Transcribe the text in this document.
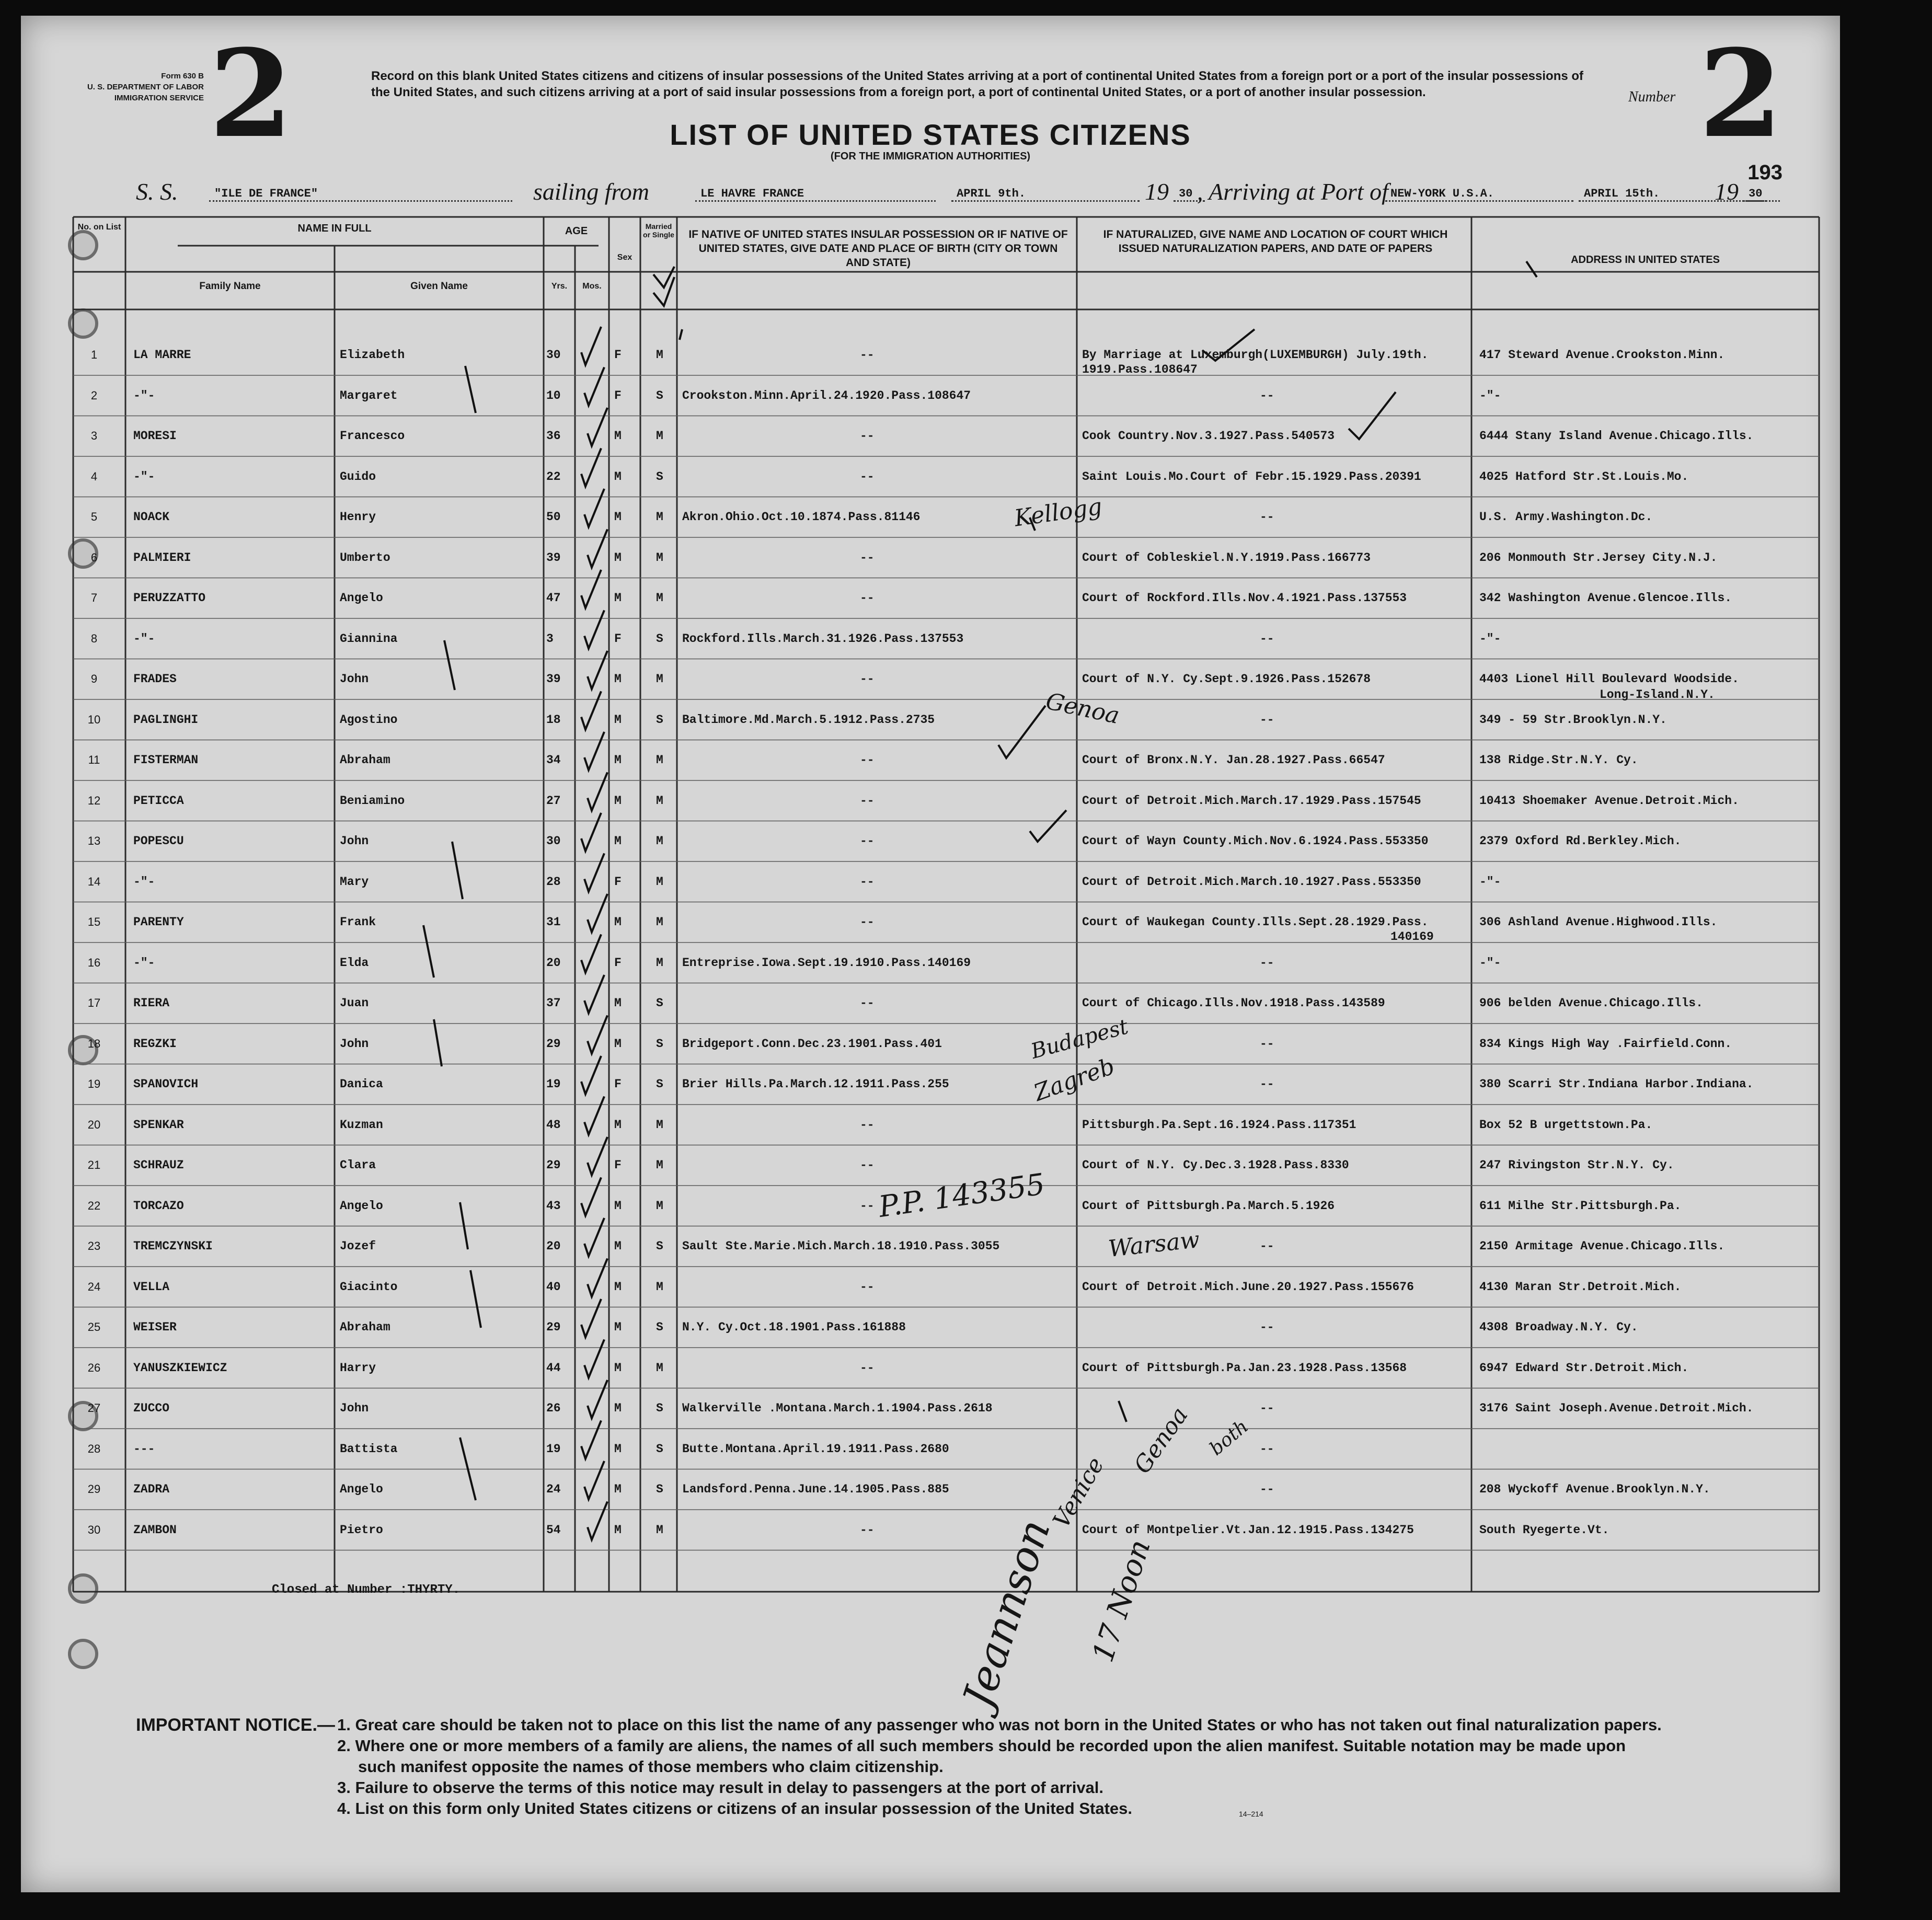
Form 630 B
U. S. DEPARTMENT OF LABOR
IMMIGRATION SERVICE 2	Record on this blank United States citizens and citizens of insular possessions of the United States arriving at a port of continental United States from a foreign port or a port of the insular possessions of the United States, and such citizens arriving at a port of said insular possessions from a foreign port, a port of continental United States, or a port of another insular possession.	Number 2
193
LIST OF UNITED STATES CITIZENS
(FOR THE IMMIGRATION AUTHORITIES)
S. S.	"ILE DE FRANCE"	sailing from	LE HAVRE FRANCE	APRIL 9th.	19 30 , Arriving at Port of NEW-YORK U.S.A.	APRIL 15th.	19 30
No. on List	NAME IN FULL
Family Name	Given Name
AGE
Yrs.	Mos.
Sex
Married or Single IF NATIVE OF UNITED STATES INSULAR POSSESSION OR IF NATIVE OF UNITED STATES, GIVE DATE AND PLACE OF BIRTH (CITY OR TOWN AND STATE)
IF NATURALIZED, GIVE NAME AND LOCATION OF COURT WHICH ISSUED NATURALIZATION PAPERS, AND DATE OF PAPERS
ADDRESS IN UNITED STATES
1	LA MARRE	Elizabeth	30	F	M	--	By Marriage at Luxemburgh(LUXEMBURGH) July.19th.	417 Steward Avenue.Crookston.Minn.
1919.Pass.108647
2	-"-	Margaret	10	F	S Crookston.Minn.April.24.1920.Pass.108647	--	-"-
3	MORESI	Francesco	36	M	M	--	Cook Country.Nov.3.1927.Pass.540573	6444 Stany Island Avenue.Chicago.Ills.
4	-"-	Guido	22	M	S	--	Saint Louis.Mo.Court of Febr.15.1929.Pass.20391	4025 Hatford Str.St.Louis.Mo.
5	NOACK	Henry	50	M	M Akron.Ohio.Oct.10.1874.Pass.81146	--	U.S. Army.Washington.Dc.
6	PALMIERI	Umberto	39	M	M	--	Court of Cobleskiel.N.Y.1919.Pass.166773	206 Monmouth Str.Jersey City.N.J.
7	PERUZZATTO	Angelo	47	M	M	--	Court of Rockford.Ills.Nov.4.1921.Pass.137553	342 Washington Avenue.Glencoe.Ills.
8	-"-	Giannina	3	F	S Rockford.Ills.March.31.1926.Pass.137553	--	-"-
9	FRADES	John	39	M	M	--	Court of N.Y. Cy.Sept.9.1926.Pass.152678	4403 Lionel Hill Boulevard Woodside.
Long-Island.N.Y.
10	PAGLINGHI	Agostino	18	M	S Baltimore.Md.March.5.1912.Pass.2735	--	349 - 59 Str.Brooklyn.N.Y.
11	FISTERMAN	Abraham	34	M	M	--	Court of Bronx.N.Y. Jan.28.1927.Pass.66547	138 Ridge.Str.N.Y. Cy.
12	PETICCA	Beniamino	27	M	M	--	Court of Detroit.Mich.March.17.1929.Pass.157545	10413 Shoemaker Avenue.Detroit.Mich.
13	POPESCU	John	30	M	M	--	Court of Wayn County.Mich.Nov.6.1924.Pass.553350	2379 Oxford Rd.Berkley.Mich.
14	-"-	Mary	28	F	M	--	Court of Detroit.Mich.March.10.1927.Pass.553350	-"-
15	PARENTY	Frank	31	M	M	--	Court of Waukegan County.Ills.Sept.28.1929.Pass.	306 Ashland Avenue.Highwood.Ills.
140169
16	-"-	Elda	20	F	M Entreprise.Iowa.Sept.19.1910.Pass.140169	--	-"-
17	RIERA	Juan	37	M	S	--	Court of Chicago.Ills.Nov.1918.Pass.143589	906 belden Avenue.Chicago.Ills.
18	REGZKI	John	29	M	S Bridgeport.Conn.Dec.23.1901.Pass.401	--	834 Kings High Way .Fairfield.Conn.
19	SPANOVICH	Danica	19	F	S Brier Hills.Pa.March.12.1911.Pass.255	--	380 Scarri Str.Indiana Harbor.Indiana.
20	SPENKAR	Kuzman	48	M	M	--	Pittsburgh.Pa.Sept.16.1924.Pass.117351	Box 52 B urgettstown.Pa.
21	SCHRAUZ	Clara	29	F	M	--	Court of N.Y. Cy.Dec.3.1928.Pass.8330	247 Rivingston Str.N.Y. Cy.
22	TORCAZO	Angelo	43	M	M	--	Court of Pittsburgh.Pa.March.5.1926	611 Milhe Str.Pittsburgh.Pa.
23	TREMCZYNSKI	Jozef	20	M	S Sault Ste.Marie.Mich.March.18.1910.Pass.3055	--	2150 Armitage Avenue.Chicago.Ills.
24	VELLA	Giacinto	40	M	M	--	Court of Detroit.Mich.June.20.1927.Pass.155676	4130 Maran Str.Detroit.Mich.
25	WEISER	Abraham	29	M	S N.Y. Cy.Oct.18.1901.Pass.161888	--	4308 Broadway.N.Y. Cy.
26	YANUSZKIEWICZ	Harry	44	M	M	--	Court of Pittsburgh.Pa.Jan.23.1928.Pass.13568	6947 Edward Str.Detroit.Mich.
27	ZUCCO	John	26	M	S Walkerville .Montana.March.1.1904.Pass.2618	--	3176 Saint Joseph.Avenue.Detroit.Mich.
28	---	Battista	19	M	S Butte.Montana.April.19.1911.Pass.2680	--
29	ZADRA	Angelo	24	M	S Landsford.Penna.June.14.1905.Pass.885	--	208 Wyckoff Avenue.Brooklyn.N.Y.
30	ZAMBON	Pietro	54	M	M	--	Court of Montpelier.Vt.Jan.12.1915.Pass.134275	South Ryegerte.Vt.
Kellogg
Genoa
Budapest
Zagreb
P.P. 143355
Warsaw
Genoa both
Venice
Jeannson 17 Noon
Closed at Number :THYRTY.
IMPORTANT NOTICE.— 1. Great care should be taken not to place on this list the name of any passenger who was not born in the United States or who has not taken out final naturalization papers.
2. Where one or more members of a family are aliens, the names of all such members should be recorded upon the alien manifest. Suitable notation may be made upon
such manifest opposite the names of those members who claim citizenship.
3. Failure to observe the terms of this notice may result in delay to passengers at the port of arrival.
4. List on this form only United States citizens or citizens of an insular possession of the United States.	14–214
